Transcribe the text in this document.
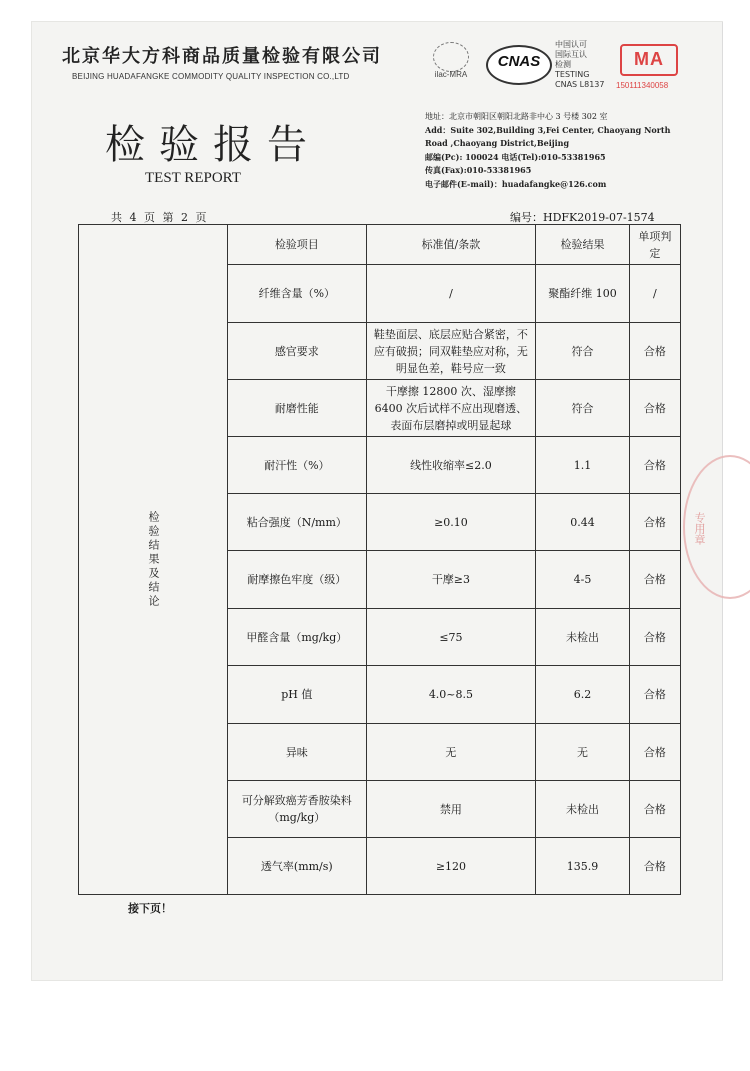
北京华大方科商品质量检验有限公司
BEIJING HUADAFANGKE COMMODITY QUALITY INSPECTION CO.,LTD	ilac-MRA
CNAS
中国认可
国际互认
检测
TESTING
CNAS L8137
MA
150111340058
检验报告
TEST REPORT
地址：北京市朝阳区朝阳北路非中心 3 号楼 302 室
Add：Suite 302,Building 3,Fei Center, Chaoyang North
Road ,Chaoyang District,Beijing
邮编(Pc): 100024 电话(Tel):010-53381965
传真(Fax):010-53381965
电子邮件(E-mail)：huadafangke@126.com
共 4 页 第 2 页	编号：HDFK2019-07-1574
检验结果及结论	检验项目	标准值/条款	检验结果	单项判定
	纤维含量（%）	/	聚酯纤维 100	/
	感官要求	鞋垫面层、底层应贴合紧密，不应有破损；同双鞋垫应对称，无明显色差，鞋号应一致	符合	合格
	耐磨性能	干摩擦 12800 次、湿摩擦 6400 次后试样不应出现磨透、表面布层磨掉或明显起球	符合	合格
	耐汗性（%）	线性收缩率≤2.0	1.1	合格
	粘合强度（N/mm）	≥0.10	0.44	合格
	耐摩擦色牢度（级）	干摩≥3	4-5	合格
	甲醛含量（mg/kg）	≤75	未检出	合格
	pH 值	4.0~8.5	6.2	合格
	异味	无	无	合格
	可分解致癌芳香胺染料（mg/kg）	禁用	未检出	合格
	透气率(mm/s)	≥120	135.9	合格
接下页！
专用章
